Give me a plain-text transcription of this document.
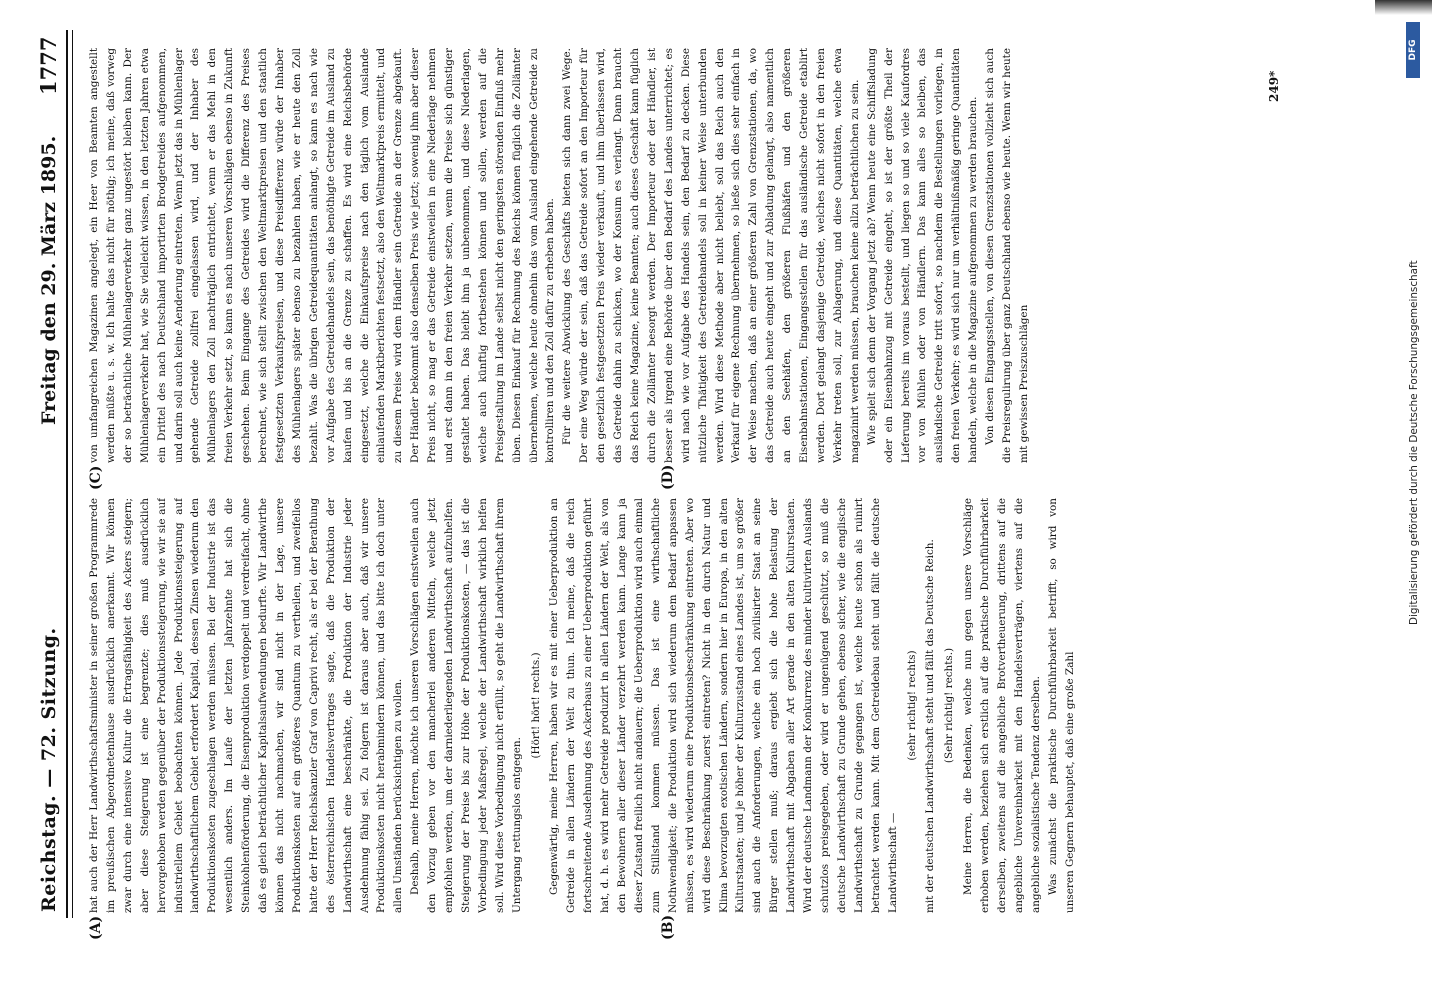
Reichstag. — 72. Sitzung.
Freitag den 29. März 1895.
1777
(A)	(B)
(C)	(D)

hat auch der Herr Landwirthschaftsminister in seiner großen Programmrede im preußischen Abgeordnetenhause ausdrücklich anerkannt. Wir können zwar durch eine intensive Kultur die Ertragsfähigkeit des Ackers steigern; aber diese Steigerung ist eine begrenzte; dies muß ausdrücklich hervorgehoben werden gegenüber der Produktionssteigerung, wie wir sie auf industriellem Gebiet beobachten können. Jede Produktionssteigerung auf landwirthschaftlichem Gebiet erfordert Kapital, dessen Zinsen wiederum den Produktionskosten zugeschlagen werden müssen. Bei der Industrie ist das wesentlich anders. Im Laufe der letzten Jahrzehnte hat sich die Steinkohlenförderung, die Eisenproduktion verdoppelt und verdreifacht, ohne daß es gleich beträchtlicher Kapitalsaufwendungen bedurfte. Wir Landwirthe können das nicht nachmachen, wir sind nicht in der Lage, unsere Produktionskosten auf ein größeres Quantum zu vertheilen, und zweifellos hatte der Herr Reichskanzler Graf von Caprivi recht, als er bei der Berathung des österreichischen Handelsvertrages sagte, daß die Produktion der Landwirthschaft eine beschränkte, die Produktion der Industrie jeder Ausdehnung fähig sei. Zu folgern ist daraus aber auch, daß wir unsere Produktionskosten nicht herabmindern können, und das bitte ich doch unter allen Umständen berücksichtigen zu wollen. Deshalb, meine Herren, möchte ich unseren Vorschlägen einstweilen auch den Vorzug geben vor den mancherlei anderen Mitteln, welche jetzt empfohlen werden, um der darniederliegenden Landwirthschaft aufzuhelfen. Steigerung der Preise bis zur Höhe der Produktionskosten, — das ist die Vorbedingung jeder Maßregel, welche der Landwirthschaft wirklich helfen soll. Wird diese Vorbedingung nicht erfüllt, so geht die Landwirthschaft ihrem Untergang rettungslos entgegen.

(Hört! hört! rechts.) Gegenwärtig, meine Herren, haben wir es mit einer Ueberproduktion an Getreide in allen Ländern der Welt zu thun. Ich meine, daß die reich fortschreitende Ausdehnung des Ackerbaus zu einer Ueberproduktion geführt hat, d. h. es wird mehr Getreide produzirt in allen Ländern der Welt, als von den Bewohnern aller dieser Länder verzehrt werden kann. Lange kann ja dieser Zustand freilich nicht andauern; die Ueberproduktion wird auch einmal zum Stillstand kommen müssen. Das ist eine wirthschaftliche Nothwendigkeit; die Produktion wird sich wiederum dem Bedarf anpassen müssen, es wird wiederum eine Produktionsbeschränkung eintreten. Aber wo wird diese Beschränkung zuerst eintreten? Nicht in den durch Natur und Klima bevorzugten exotischen Ländern, sondern hier in Europa, in den alten Kulturstaaten; und je höher der Kulturzustand eines Landes ist, um so größer sind auch die Anforderungen, welche ein hoch zivilisirter Staat an seine Bürger stellen muß; daraus ergiebt sich die hohe Belastung der Landwirthschaft mit Abgaben aller Art gerade in den alten Kulturstaaten. Wird der deutsche Landmann der Konkurrenz des minder kultivirten Auslands schutzlos preisgegeben, oder wird er ungenügend geschützt, so muß die deutsche Landwirthschaft zu Grunde gehen, ebenso sicher, wie die englische Landwirthschaft zu Grunde gegangen ist, welche heute schon als ruinirt betrachtet werden kann. Mit dem Getreidebau steht und fällt die deutsche Landwirthschaft —

(sehr richtig! rechts) mit der deutschen Landwirthschaft steht und fällt das Deutsche Reich. (Sehr richtig! rechts.) Meine Herren, die Bedenken, welche nun gegen unsere Vorschläge erhoben werden, beziehen sich erstlich auf die praktische Durchführbarkeit derselben, zweitens auf die angebliche Brotvertheuerung, drittens auf die angebliche Unvereinbarkeit mit den Handelsverträgen, viertens auf die angebliche sozialistische Tendenz derselben. Was zunächst die praktische Durchführbarkeit betrifft, so wird von unseren Gegnern behauptet, daß eine große Zahl

von umfangreichen Magazinen angelegt, ein Heer von Beamten angestellt werden müßte u. s. w. Ich halte das nicht für nöthig; ich meine, daß vorweg der so beträchtliche Mühlenlagerverkehr ganz ungestört bleiben kann. Der Mühlenlagerverkehr hat, wie Sie vielleicht wissen, in den letzten Jahren etwa ein Drittel des nach Deutschland importirten Brodgetreides aufgenommen, und darin soll auch keine Aenderung eintreten. Wenn jetzt das in Mühlenlager gehende Getreide zollfrei eingelassen wird, und der Inhaber des Mühlenlagers den Zoll nachträglich entrichtet, wenn er das Mehl in den freien Verkehr setzt, so kann es nach unseren Vorschlägen ebenso in Zukunft geschehen. Beim Eingange des Getreides wird die Differenz des Preises berechnet, wie sich stellt zwischen den Weltmarktpreisen und den staatlich festgesetzten Verkaufspreisen, und diese Preisdifferenz würde der Inhaber des Mühlenlagers später ebenso zu bezahlen haben, wie er heute den Zoll bezahlt. Was die übrigen Getreidequantitäten anlangt, so kann es nach wie vor Aufgabe des Getreidehandels sein, das benöthigte Getreide im Ausland zu kaufen und bis an die Grenze zu schaffen. Es wird eine Reichsbehörde eingesetzt, welche die Einkaufspreise nach den täglich vom Auslande einlaufenden Marktberichten festsetzt, also den Weltmarktpreis ermittelt, und zu diesem Preise wird dem Händler sein Getreide an der Grenze abgekauft. Der Händler bekommt also denselben Preis wie jetzt; sowenig ihm aber dieser Preis nicht, so mag er das Getreide einstweilen in eine Niederlage nehmen und erst dann in den freien Verkehr setzen, wenn die Preise sich günstiger gestaltet haben. Das bleibt ihm ja unbenommen, und diese Niederlagen, welche auch künftig fortbestehen können und sollen, werden auf die Preisgestaltung im Lande selbst nicht den geringsten störenden Einfluß mehr üben. Diesen Einkauf für Rechnung des Reichs können füglich die Zollämter übernehmen, welche heute ohnehin das vom Ausland eingehende Getreide zu kontrolliren und den Zoll dafür zu erheben haben. Für die weitere Abwicklung des Geschäfts bieten sich dann zwei Wege. Der eine Weg würde der sein, daß das Getreide sofort an den Importeur für den gesetzlich festgesetzten Preis wieder verkauft, und ihm überlassen wird, das Getreide dahin zu schicken, wo der Konsum es verlangt. Dann braucht das Reich keine Magazine, keine Beamten; auch dieses Geschäft kann füglich durch die Zollämter besorgt werden. Der Importeur oder der Händler, ist besser als irgend eine Behörde über den Bedarf des Landes unterrichtet; es wird nach wie vor Aufgabe des Handels sein, den Bedarf zu decken. Diese nützliche Thätigkeit des Getreidehandels soll in keiner Weise unterbunden werden. Wird diese Methode aber nicht beliebt, soll das Reich auch den Verkauf für eigene Rechnung übernehmen, so ließe sich dies sehr einfach in der Weise machen, daß an einer größeren Zahl von Grenzstationen, da, wo das Getreide auch heute eingeht und zur Abladung gelangt, also namentlich an den Seehäfen, den größeren Flußhäfen und den größeren Eisenbahnstationen, Eingangsstellen für das ausländische Getreide etablirt werden. Dort gelangt dasjenige Getreide, welches nicht sofort in den freien Verkehr treten soll, zur Ablagerung, und diese Quantitäten, welche etwa magazinirt werden müssen, brauchen keine allzu beträchtlichen zu sein. Wie spielt sich denn der Vorgang jetzt ab? Wenn heute eine Schiffsladung oder ein Eisenbahnzug mit Getreide eingeht, so ist der größte Theil der Lieferung bereits im voraus bestellt, und liegen so und so viele Kaufordres vor von Mühlen oder von Händlern. Das kann alles so bleiben, das ausländische Getreide tritt sofort, so nachdem die Bestellungen vorliegen, in den freien Verkehr; es wird sich nur um verhältnißmäßig geringe Quantitäten handeln, welche in die Magazine aufgenommen zu werden brauchen. Von diesen Eingangsstellen, von diesen Grenzstationen vollzieht sich auch die Preisregulirung über ganz Deutschland ebenso wie heute. Wenn wir heute mit gewissen Preiszuschlägen

249*
Digitalisierung gefördert durch die Deutsche Forschungsgemeinschaft
DFG
